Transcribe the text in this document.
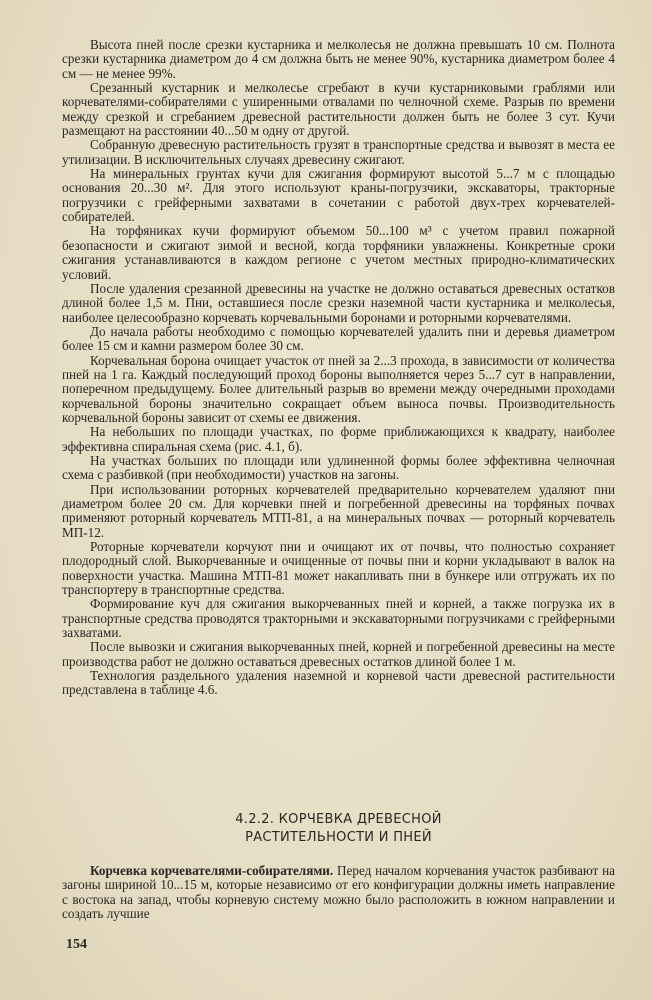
Высота пней после срезки кустарника и мелколесья не должна превышать 10 см. Полнота срезки кустарника диаметром до 4 см должна быть не менее 90%, кустарника диаметром более 4 см — не менее 99%.

Срезанный кустарник и мелколесье сгребают в кучи кустарниковыми граблями или корчевателями-собирателями с уширенными отвалами по челночной схеме. Разрыв по времени между срезкой и сгребанием древесной растительности должен быть не более 3 сут. Кучи размещают на расстоянии 40...50 м одну от другой.

Собранную древесную растительность грузят в транспортные средства и вывозят в места ее утилизации. В исключительных случаях древесину сжигают.

На минеральных грунтах кучи для сжигания формируют высотой 5...7 м с площадью основания 20...30 м². Для этого используют краны-погрузчики, экскаваторы, тракторные погрузчики с грейферными захватами в сочетании с работой двух-трех корчевателей-собирателей.

На торфяниках кучи формируют объемом 50...100 м³ с учетом правил пожарной безопасности и сжигают зимой и весной, когда торфяники увлажнены. Конкретные сроки сжигания устанавливаются в каждом регионе с учетом местных природно-климатических условий.

После удаления срезанной древесины на участке не должно оставаться древесных остатков длиной более 1,5 м. Пни, оставшиеся после срезки наземной части кустарника и мелколесья, наиболее целесообразно корчевать корчевальными боронами и роторными корчевателями.

До начала работы необходимо с помощью корчевателей удалить пни и деревья диаметром более 15 см и камни размером более 30 см.

Корчевальная борона очищает участок от пней за 2...3 прохода, в зависимости от количества пней на 1 га. Каждый последующий проход бороны выполняется через 5...7 сут в направлении, поперечном предыдущему. Более длительный разрыв во времени между очередными проходами корчевальной бороны значительно сокращает объем выноса почвы. Производительность корчевальной бороны зависит от схемы ее движения.

На небольших по площади участках, по форме приближающихся к квадрату, наиболее эффективна спиральная схема (рис. 4.1, б).

На участках больших по площади или удлиненной формы более эффективна челночная схема с разбивкой (при необходимости) участков на загоны.

При использовании роторных корчевателей предварительно корчевателем удаляют пни диаметром более 20 см. Для корчевки пней и погребенной древесины на торфяных почвах применяют роторный корчеватель МТП-81, а на минеральных почвах — роторный корчеватель МП-12.

Роторные корчеватели корчуют пни и очищают их от почвы, что полностью сохраняет плодородный слой. Выкорчеванные и очищенные от почвы пни и корни укладывают в валок на поверхности участка. Машина МТП-81 может накапливать пни в бункере или отгружать их по транспортеру в транспортные средства.

Формирование куч для сжигания выкорчеванных пней и корней, а также погрузка их в транспортные средства проводятся тракторными и экскаваторными погрузчиками с грейферными захватами.

После вывозки и сжигания выкорчеванных пней, корней и погребенной древесины на месте производства работ не должно оставаться древесных остатков длиной более 1 м.

Технология раздельного удаления наземной и корневой части древесной растительности представлена в таблице 4.6.

4.2.2. КОРЧЕВКА ДРЕВЕСНОЙ
РАСТИТЕЛЬНОСТИ И ПНЕЙ

Корчевка корчевателями-собирателями. Перед началом корчевания участок разбивают на загоны шириной 10...15 м, которые независимо от его конфигурации должны иметь направление с востока на запад, чтобы корневую систему можно было расположить в южном направлении и создать лучшие

154
